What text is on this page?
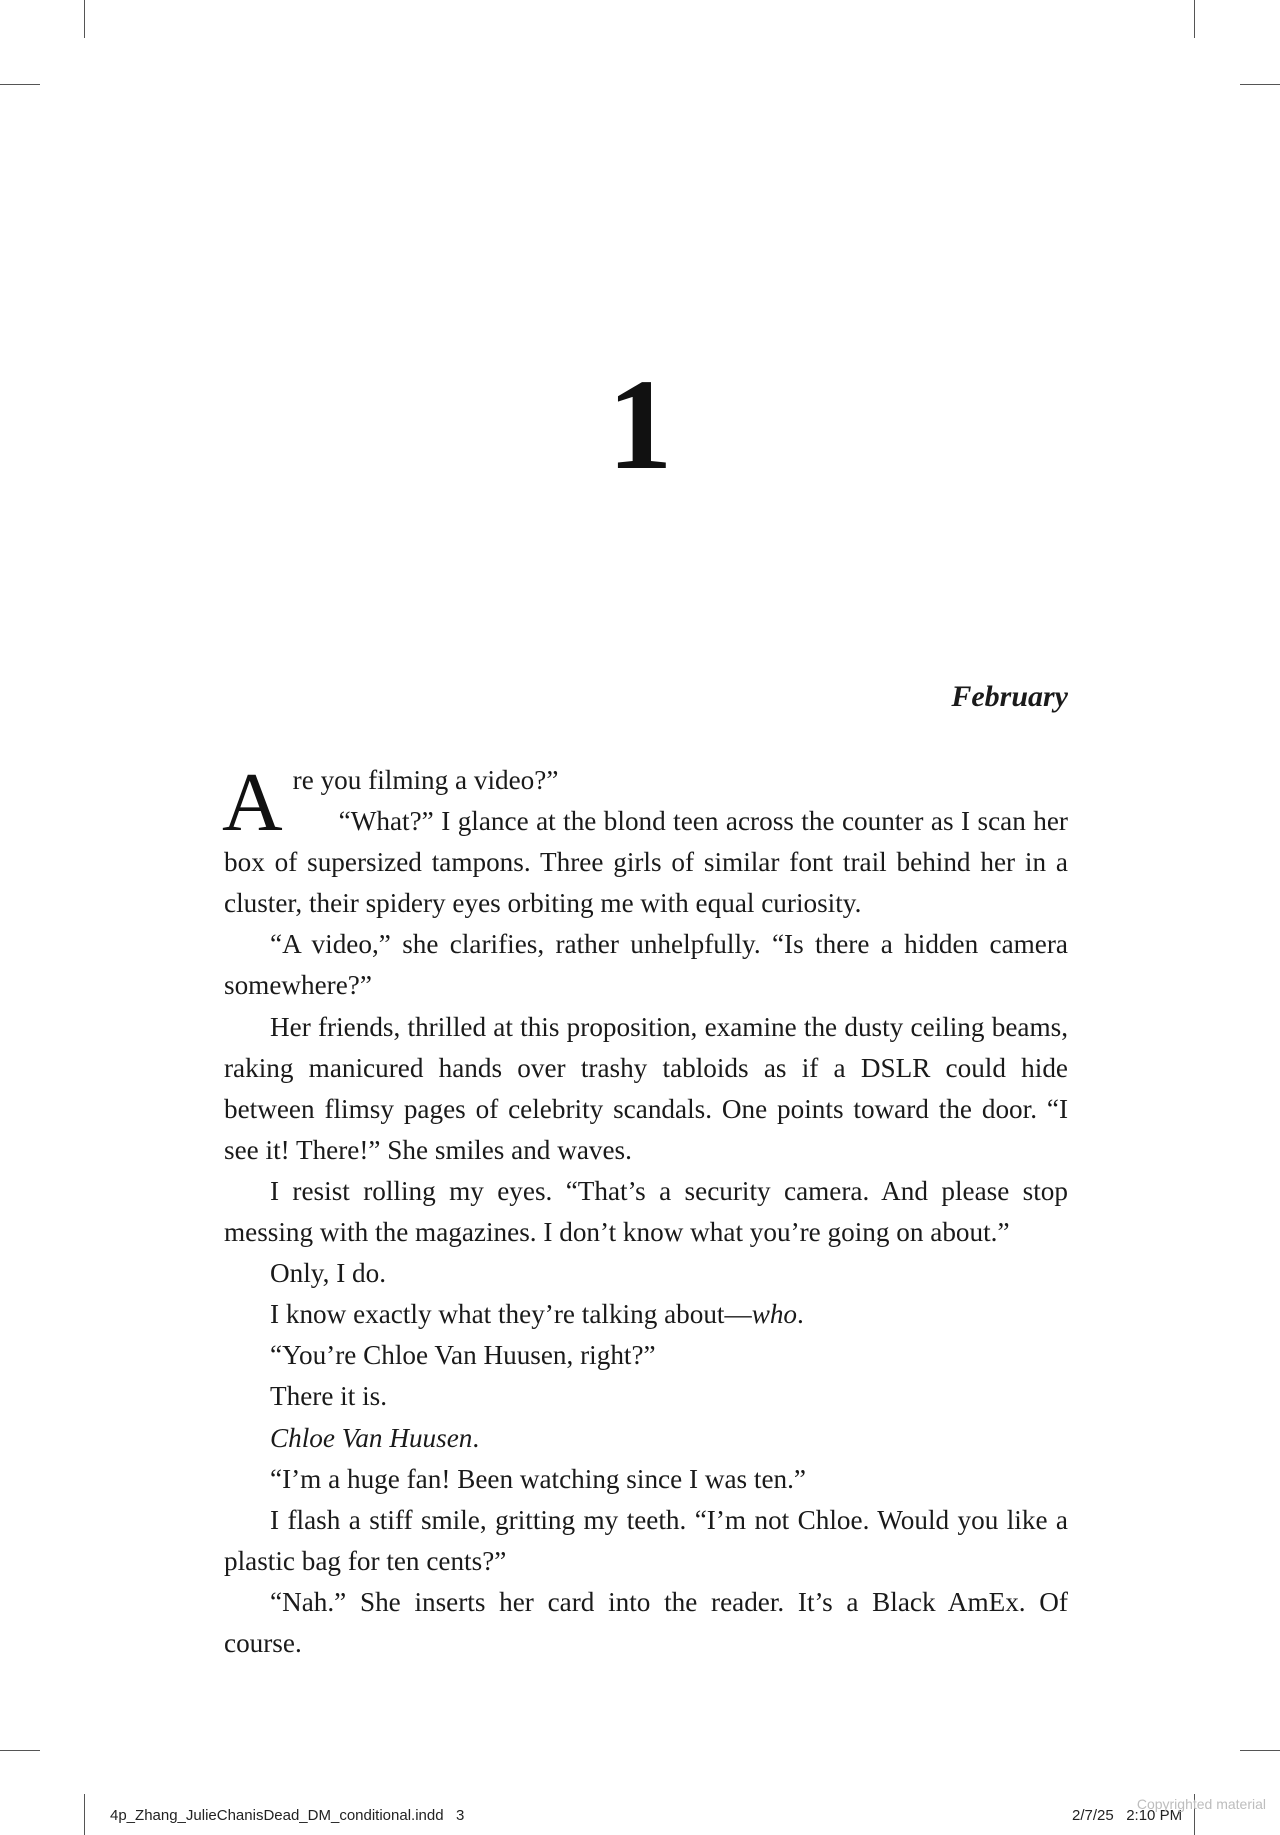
1
February
A re you filming a video?”

“What?” I glance at the blond teen across the counter as I scan her box of supersized tampons. Three girls of similar font trail behind her in a cluster, their spidery eyes orbiting me with equal curiosity.

“A video,” she clarifies, rather unhelpfully. “Is there a hidden camera somewhere?”

Her friends, thrilled at this proposition, examine the dusty ceiling beams, raking manicured hands over trashy tabloids as if a DSLR could hide between flimsy pages of celebrity scandals. One points toward the door. “I see it! There!” She smiles and waves.

I resist rolling my eyes. “That’s a security camera. And please stop messing with the magazines. I don’t know what you’re going on about.”

Only, I do.

I know exactly what they’re talking about—who.

“You’re Chloe Van Huusen, right?”

There it is.

Chloe Van Huusen.

“I’m a huge fan! Been watching since I was ten.”

I flash a stiff smile, gritting my teeth. “I’m not Chloe. Would you like a plastic bag for ten cents?”

“Nah.” She inserts her card into the reader. It’s a Black AmEx. Of course.

4p_Zhang_JulieChanisDead_DM_conditional.indd   3	2/7/25   2:10 PM
Copyrighted material
